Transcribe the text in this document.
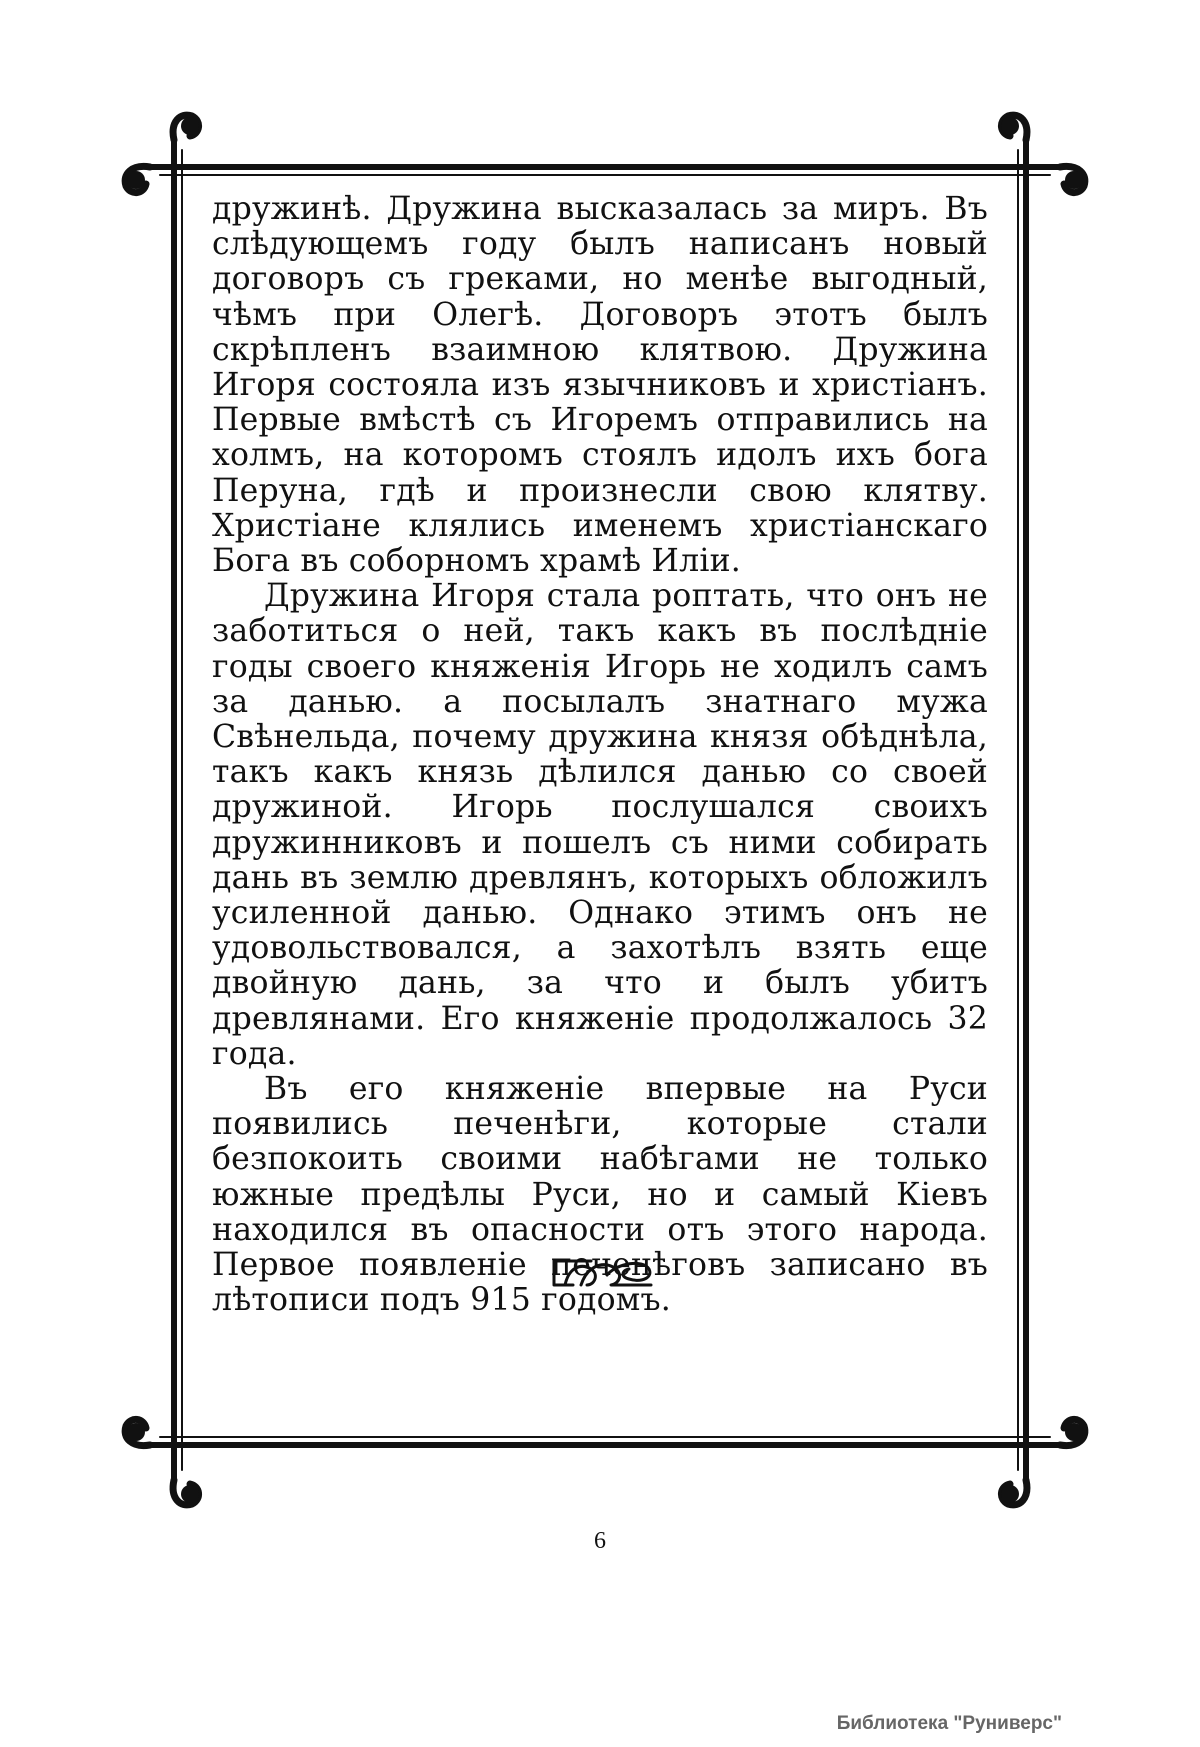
дружинѣ. Дружина высказалась за миръ. Въ слѣдующемъ году былъ написанъ новый договоръ съ греками, но менѣе выгодный, чѣмъ при Олегѣ. Договоръ этотъ былъ скрѣпленъ взаимною клятвою. Дружина Игоря состояла изъ язычниковъ и христіанъ. Первые вмѣстѣ съ Игоремъ отправились на холмъ, на которомъ стоялъ идолъ ихъ бога Перуна, гдѣ и произнесли свою клятву. Христiане клялись именемъ христіанскаго Бога въ соборномъ храмѣ Иліи.

Дружина Игоря стала роптать, что онъ не заботиться о ней, такъ какъ въ послѣдніе годы своего княженія Игорь не ходилъ самъ за данью. а посылалъ знатнаго мужа Свѣнельда, почему дружина князя обѣднѣла, такъ какъ князь дѣлился данью со своей дружиной. Игорь послушался своихъ дружинниковъ и пошелъ съ ними собирать дань въ землю древлянъ, которыхъ обложилъ усиленной данью. Однако этимъ онъ не удовольствовался, а захотѣлъ взять еще двойную дань, за что и былъ убитъ древлянами. Его княженіе продолжалось 32 года.

Въ его княженіе впервые на Руси появились печенѣги, которые стали безпокоить своими набѣгами не только южные предѣлы Руси, но и самый Кіевъ находился въ опасности отъ этого народа. Первое появленіе печенѣговъ записано въ лѣтописи подъ 915 годомъ.

6
Библиотека "Руниверс"
